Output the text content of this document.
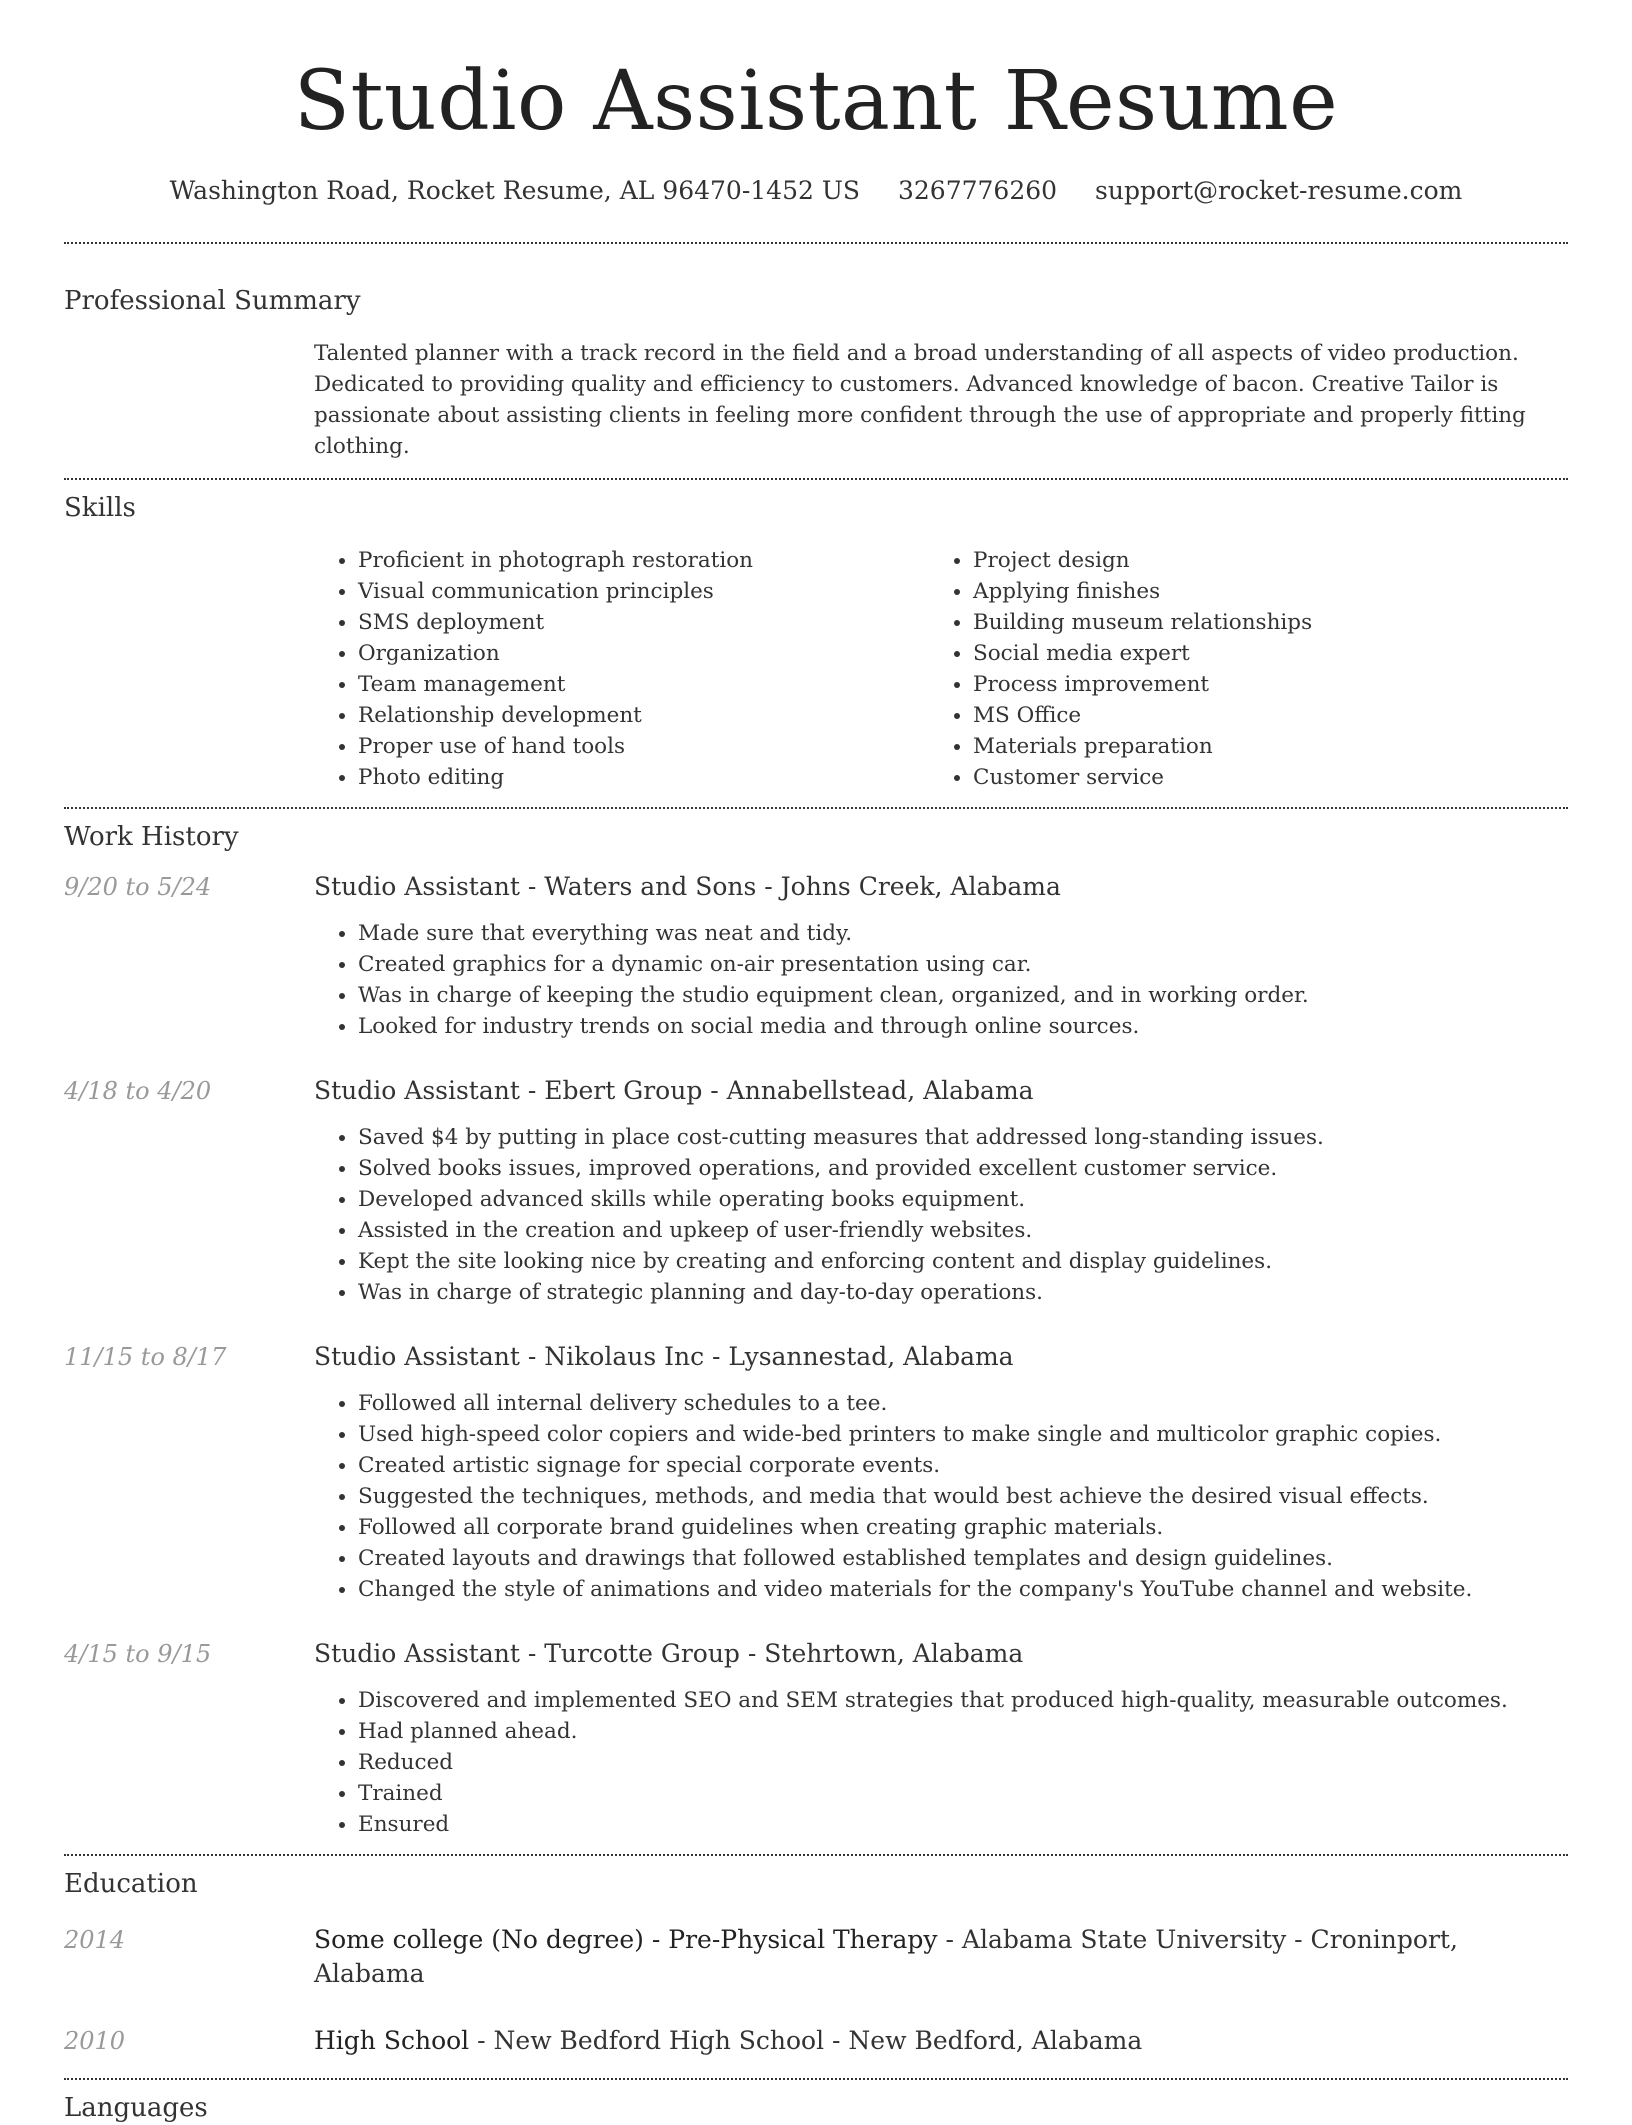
Studio Assistant Resume
Washington Road, Rocket Resume, AL 96470-1452 US 3267776260 support@rocket-resume.com
Professional Summary
Talented planner with a track record in the field and a broad understanding of all aspects of video production. Dedicated to providing quality and efficiency to customers. Advanced knowledge of bacon. Creative Tailor is passionate about assisting clients in feeling more confident through the use of appropriate and properly fitting clothing.
Skills
• Proficient in photograph restoration
• Visual communication principles
• SMS deployment
• Organization
• Team management
• Relationship development
• Proper use of hand tools
• Photo editing
• Project design
• Applying finishes
• Building museum relationships
• Social media expert
• Process improvement
• MS Office
• Materials preparation
• Customer service
Work History
9/20 to 5/24	Studio Assistant - Waters and Sons - Johns Creek, Alabama
• Made sure that everything was neat and tidy.
• Created graphics for a dynamic on-air presentation using car.
• Was in charge of keeping the studio equipment clean, organized, and in working order.
• Looked for industry trends on social media and through online sources.
4/18 to 4/20	Studio Assistant - Ebert Group - Annabellstead, Alabama
• Saved $4 by putting in place cost-cutting measures that addressed long-standing issues.
• Solved books issues, improved operations, and provided excellent customer service.
• Developed advanced skills while operating books equipment.
• Assisted in the creation and upkeep of user-friendly websites.
• Kept the site looking nice by creating and enforcing content and display guidelines.
• Was in charge of strategic planning and day-to-day operations.
11/15 to 8/17	Studio Assistant - Nikolaus Inc - Lysannestad, Alabama
• Followed all internal delivery schedules to a tee.
• Used high-speed color copiers and wide-bed printers to make single and multicolor graphic copies.
• Created artistic signage for special corporate events.
• Suggested the techniques, methods, and media that would best achieve the desired visual effects.
• Followed all corporate brand guidelines when creating graphic materials.
• Created layouts and drawings that followed established templates and design guidelines.
• Changed the style of animations and video materials for the company's YouTube channel and website.
4/15 to 9/15	Studio Assistant - Turcotte Group - Stehrtown, Alabama
• Discovered and implemented SEO and SEM strategies that produced high-quality, measurable outcomes.
• Had planned ahead.
• Reduced
• Trained
• Ensured
Education
2014	Some college (No degree) - Pre-Physical Therapy - Alabama State University - Croninport, Alabama
2010	High School - New Bedford High School - New Bedford, Alabama
Languages
